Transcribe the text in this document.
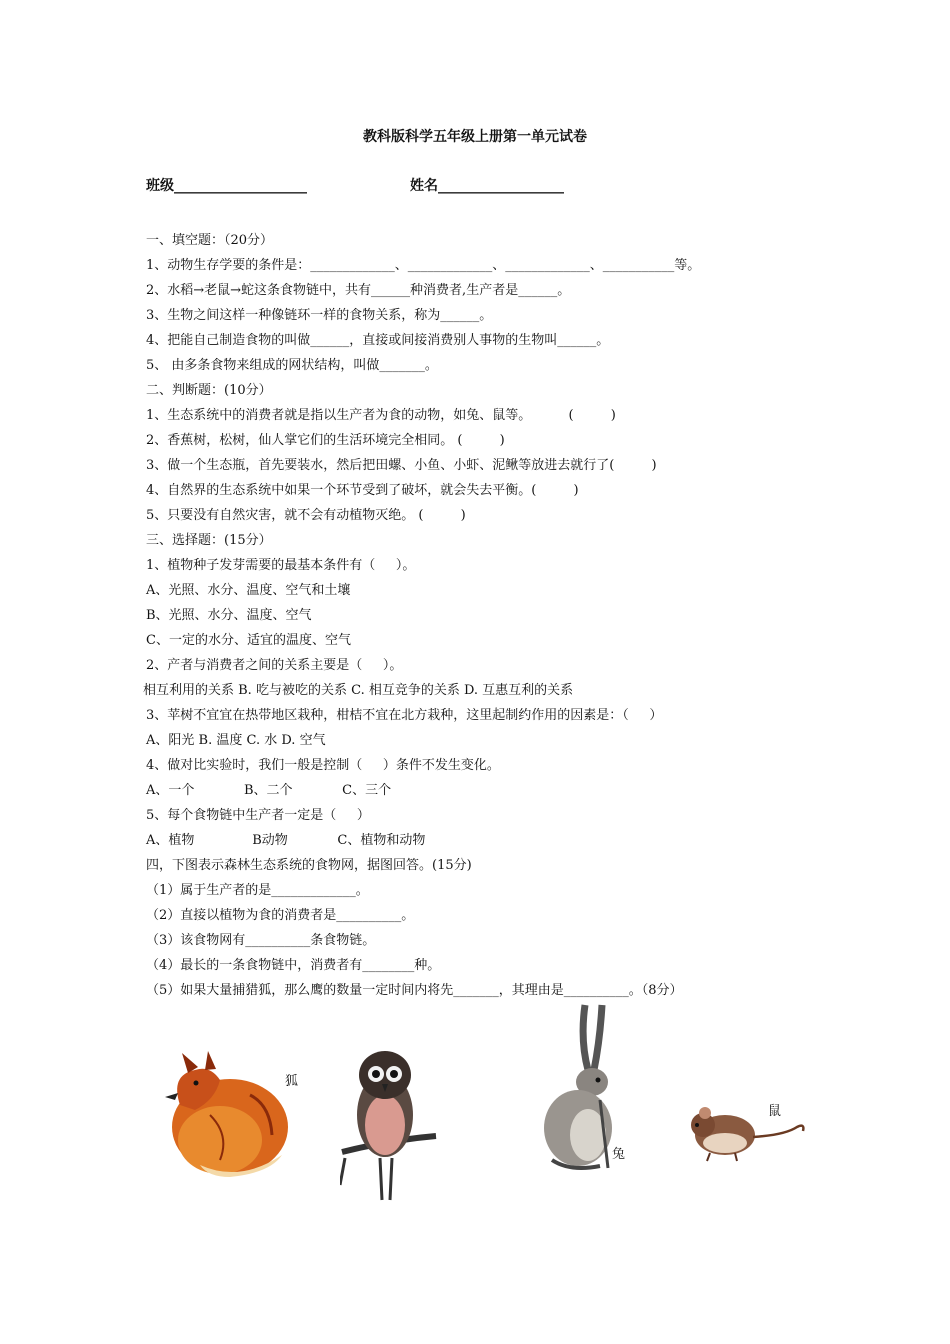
教科版科学五年级上册第一单元试卷
班级___________________	姓名__________________
一、填空题：（20分）
1、动物生存学要的条件是：_____________、_____________、_____________、___________等。
2、水稻→老鼠→蛇这条食物链中，共有______种消费者,生产者是______。
3、生物之间这样一种像链环一样的食物关系，称为______。
4、把能自己制造食物的叫做______，直接或间接消费别人事物的生物叫______。
5、 由多条食物来组成的网状结构，叫做_______。
二、判断题：(10分）
1、生态系统中的消费者就是指以生产者为食的动物，如兔、鼠等。         (         )
2、香蕉树，松树，仙人掌它们的生活环境完全相同。 (         )
3、做一个生态瓶，首先要装水，然后把田螺、小鱼、小虾、泥鳅等放进去就行了(         )
4、自然界的生态系统中如果一个环节受到了破坏，就会失去平衡。(         )
5、只要没有自然灾害，就不会有动植物灭绝。 (         )
三、选择题：(15分）
1、植物种子发芽需要的最基本条件有（     ）。
A、光照、水分、温度、空气和土壤
B、光照、水分、温度、空气
C、一定的水分、适宜的温度、空气
2、产者与消费者之间的关系主要是（     ）。
相互利用的关系 B. 吃与被吃的关系 C. 相互竞争的关系 D. 互惠互利的关系
3、苹树不宜宜在热带地区栽种，柑桔不宜在北方栽种，这里起制约作用的因素是：（     ）
A、阳光 B. 温度 C. 水 D. 空气
4、做对比实验时，我们一般是控制（     ）条件不发生变化。
A、一个            B、二个            C、三个
5、每个食物链中生产者一定是（     ）
A、植物              B动物            C、植物和动物
四，下图表示森林生态系统的食物网，据图回答。(15分)
（1）属于生产者的是_____________。
（2）直接以植物为食的消费者是__________。
（3）该食物网有__________条食物链。
（4）最长的一条食物链中，消费者有________种。
（5）如果大量捕猎狐，那么鹰的数量一定时间内将先_______，其理由是__________。（8分）
狐
兔
鼠
